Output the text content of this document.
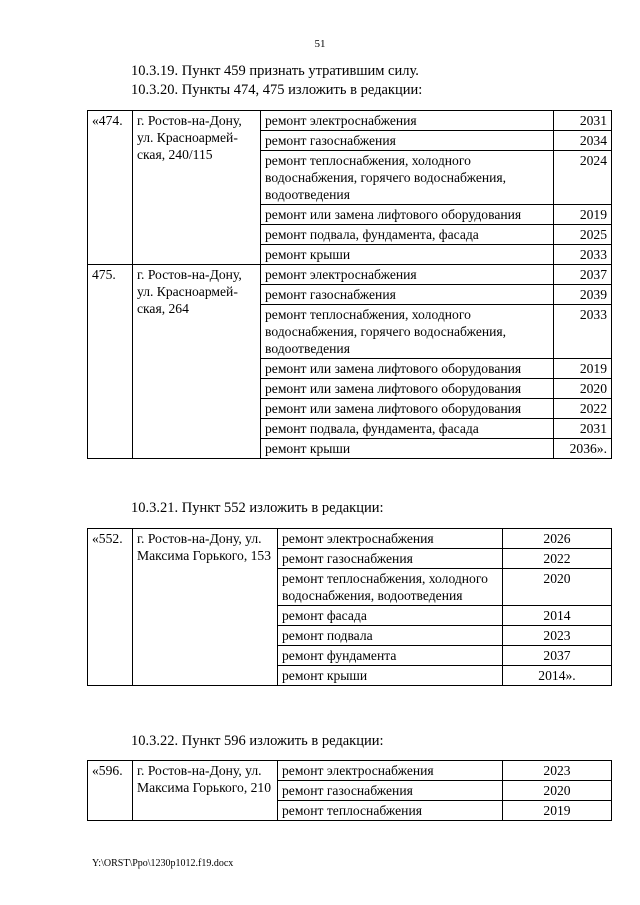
51
10.3.19. Пункт 459 признать утратившим силу.
10.3.20. Пункты 474, 475 изложить в редакции:
«474.	г. Ростов-на-Дону, ул. Красноармей-ская, 240/115	ремонт электроснабжения	2031
		ремонт газоснабжения	2034
		ремонт теплоснабжения, холодного водоснабжения, горячего водоснабжения, водоотведения	2024
		ремонт или замена лифтового оборудования	2019
		ремонт подвала, фундамента, фасада	2025
		ремонт крыши	2033
475.	г. Ростов-на-Дону, ул. Красноармей-ская, 264	ремонт электроснабжения	2037
		ремонт газоснабжения	2039
		ремонт теплоснабжения, холодного водоснабжения, горячего водоснабжения, водоотведения	2033
		ремонт или замена лифтового оборудования	2019
		ремонт или замена лифтового оборудования	2020
		ремонт или замена лифтового оборудования	2022
		ремонт подвала, фундамента, фасада	2031
		ремонт крыши	2036».
10.3.21. Пункт 552 изложить в редакции:
«552.	г. Ростов-на-Дону, ул. Максима Горького, 153	ремонт электроснабжения	2026
		ремонт газоснабжения	2022
		ремонт теплоснабжения, холодного водоснабжения, водоотведения	2020
		ремонт фасада	2014
		ремонт подвала	2023
		ремонт фундамента	2037
		ремонт крыши	2014».
10.3.22. Пункт 596 изложить в редакции:
«596.	г. Ростов-на-Дону, ул. Максима Горького, 210	ремонт электроснабжения	2023
		ремонт газоснабжения	2020
		ремонт теплоснабжения	2019
Y:\ORST\Ppo\1230p1012.f19.docx
